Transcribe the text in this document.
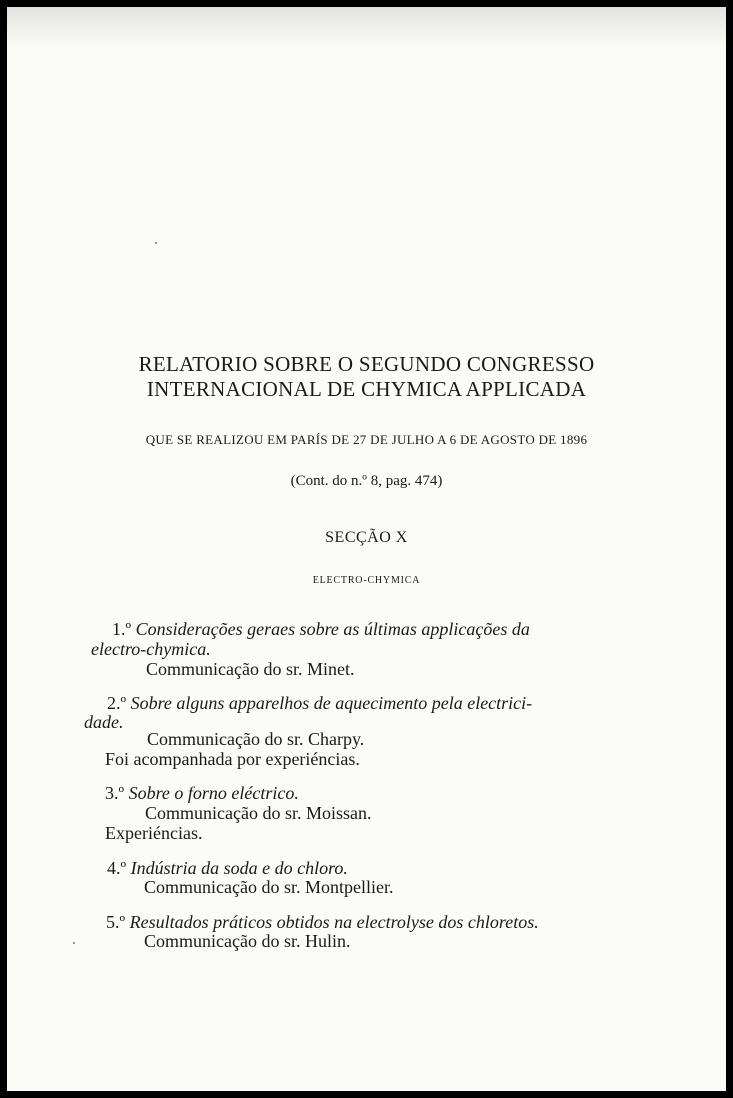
RELATORIO SOBRE O SEGUNDO CONGRESSO
INTERNACIONAL DE CHYMICA APPLICADA
QUE SE REALIZOU EM PARÍS DE 27 DE JULHO A 6 DE AGOSTO DE 1896
(Cont. do n.º 8, pag. 474)
SECÇÃO X
ELECTRO-CHYMICA
1.º Considerações geraes sobre as últimas applicações da
electro-chymica.
Communicação do sr. Minet.
2.º Sobre alguns apparelhos de aquecimento pela electrici-
dade.
Communicação do sr. Charpy.
Foi acompanhada por experiéncias.
3.º Sobre o forno eléctrico.
Communicação do sr. Moissan.
Experiéncias.
4.º Indústria da soda e do chloro.
Communicação do sr. Montpellier.
5.º Resultados práticos obtidos na electrolyse dos chloretos.
Communicação do sr. Hulin.
